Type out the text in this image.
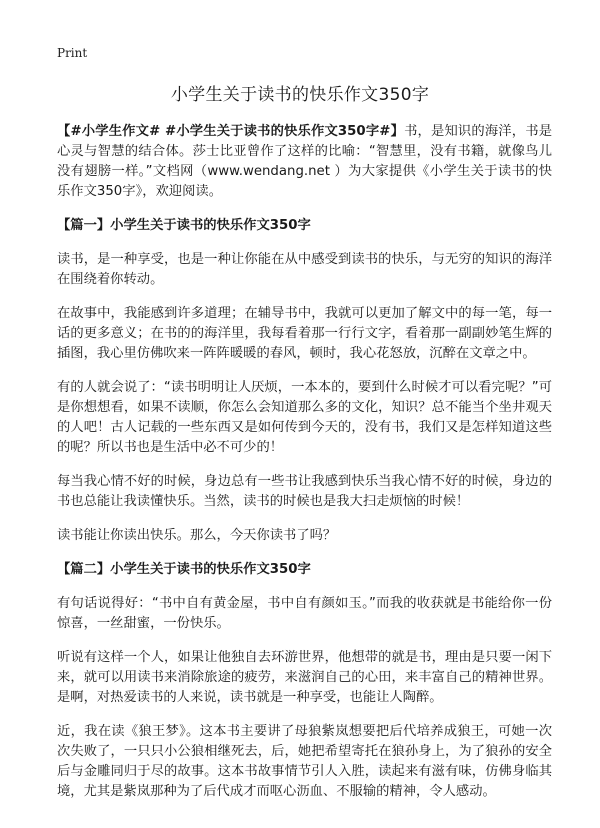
Print
小学生关于读书的快乐作文350字

【#小学生作文# #小学生关于读书的快乐作文350字#】书，是知识的海洋，书是心灵与智慧的结合体。莎士比亚曾作了这样的比喻：“智慧里，没有书籍，就像鸟儿没有翅膀一样。”文档网（www.wendang.net ）为大家提供《小学生关于读书的快乐作文350字》，欢迎阅读。

【篇一】小学生关于读书的快乐作文350字

读书，是一种享受，也是一种让你能在从中感受到读书的快乐，与无穷的知识的海洋在围绕着你转动。

在故事中，我能感到许多道理；在辅导书中，我就可以更加了解文中的每一笔，每一话的更多意义；在书的的海洋里，我每看着那一行行文字，看着那一副副妙笔生辉的插图，我心里仿佛吹来一阵阵暖暖的春风，顿时，我心花怒放，沉醉在文章之中。

有的人就会说了：“读书明明让人厌烦，一本本的，要到什么时候才可以看完呢？”可是你想想看，如果不读顺，你怎么会知道那么多的文化，知识？总不能当个坐井观天的人吧！古人记载的一些东西又是如何传到今天的，没有书，我们又是怎样知道这些的呢？所以书也是生活中必不可少的！

每当我心情不好的时候，身边总有一些书让我感到快乐当我心情不好的时候，身边的书也总能让我读懂快乐。当然，读书的时候也是我大扫走烦恼的时候！

读书能让你读出快乐。那么，今天你读书了吗？

【篇二】小学生关于读书的快乐作文350字

有句话说得好：“书中自有黄金屋，书中自有颜如玉。”而我的收获就是书能给你一份惊喜，一丝甜蜜，一份快乐。

听说有这样一个人，如果让他独自去环游世界，他想带的就是书，理由是只要一闲下来，就可以用读书来消除旅途的疲劳，来滋润自己的心田，来丰富自己的精神世界。是啊，对热爱读书的人来说，读书就是一种享受，也能让人陶醉。

近，我在读《狼王梦》。这本书主要讲了母狼紫岚想要把后代培养成狼王，可她一次次失败了，一只只小公狼相继死去，后，她把希望寄托在狼孙身上，为了狼孙的安全后与金雕同归于尽的故事。这本书故事情节引人入胜，读起来有滋有味，仿佛身临其境，尤其是紫岚那种为了后代成才而呕心沥血、不服输的精神，令人感动。
